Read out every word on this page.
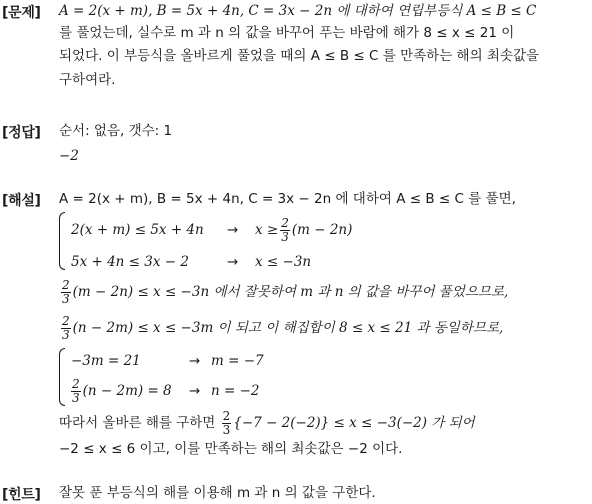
[문제] A = 2(x + m), B = 5x + 4n, C = 3x − 2n 에 대하여 연립부등식 A ≤ B ≤ C
를 풀었는데, 실수로 m 과 n 의 값을 바꾸어 푸는 바람에 해가 8 ≤ x ≤ 21 이
되었다. 이 부등식을 올바르게 풀었을 때의 A ≤ B ≤ C 를 만족하는 해의 최솟값을
구하여라.
[정답] 순서: 없음, 갯수: 1
−2
[해설] A = 2(x + m), B = 5x + 4n, C = 3x − 2n 에 대하여 A ≤ B ≤ C 를 풀면,
$2(x + m) \le 5x + 4n \to x \ge \frac{2}{3} (m - 2n)$
5x + 4n ≤ 3x − 2	→ x ≤ −3n
$\frac{2}{3} (m - 2n) \le x \le -3n$ 에서 잘못하여 m 과 n 의 값을 바꾸어 풀었으므로,
$\frac{2}{3} (n - 2m) \le x \le -3m$ 이 되고 이 해집합이 8 ≤ x ≤ 21 과 동일하므로,
−3m = 21	→ m = −7
$\frac{2}{3} (n - 2m) = 8 \to n = -2$
따라서 올바른 해를 구하면 $\frac{2}{3} \{-7 - 2(-2)\} \le x \le -3(-2)$ 가 되어
−2 ≤ x ≤ 6 이고, 이를 만족하는 해의 최솟값은 −2 이다.
[힌트] 잘못 푼 부등식의 해를 이용해 m 과 n 의 값을 구한다.
